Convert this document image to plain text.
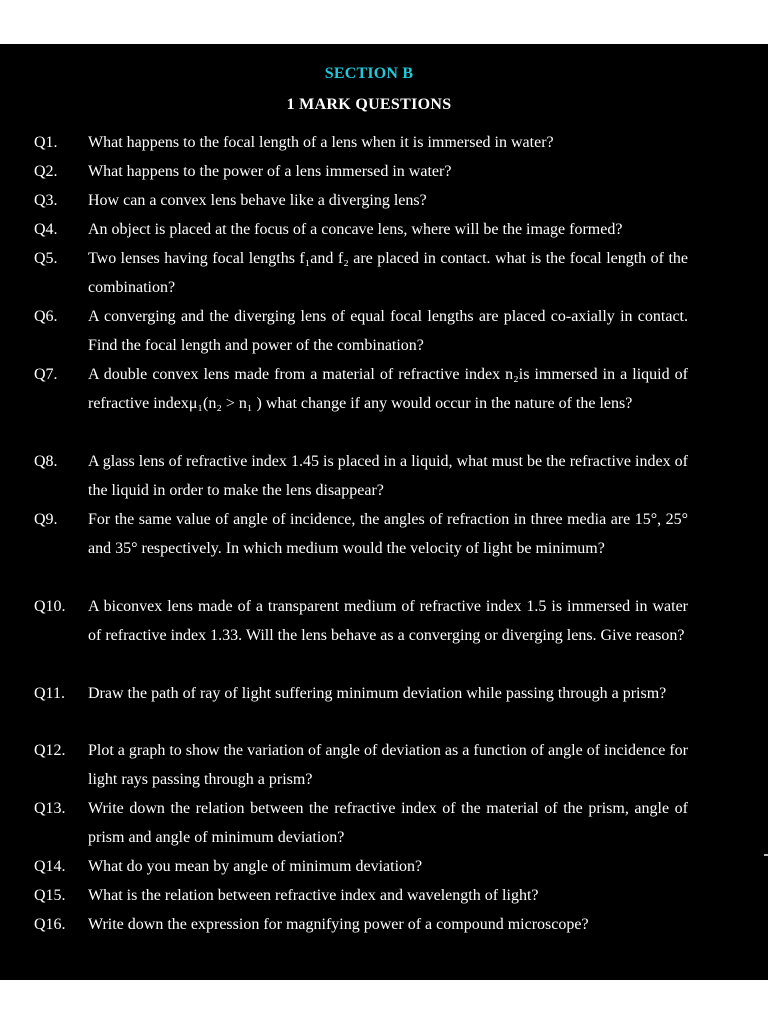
SECTION B
1 MARK QUESTIONS
Q1. What happens to the focal length of a lens when it is immersed in water?
Q2. What happens to the power of a lens immersed in water?
Q3. How can a convex lens behave like a diverging lens?
Q4. An object is placed at the focus of a concave lens, where will be the image formed?
Q5. Two lenses having focal lengths f₁and f₂ are placed in contact. what is the focal length of the combination?
Q6. A converging and the diverging lens of equal focal lengths are placed co-axially in contact. Find the focal length and power of the combination?
Q7. A double convex lens made from a material of refractive index n₂is immersed in a liquid of refractive indexμ₁(n₂ > n₁ ) what change if any would occur in the nature of the lens?
Q8. A glass lens of refractive index 1.45 is placed in a liquid, what must be the refractive index of the liquid in order to make the lens disappear?
Q9. For the same value of angle of incidence, the angles of refraction in three media are 15°, 25° and 35° respectively. In which medium would the velocity of light be minimum?
Q10. A biconvex lens made of a transparent medium of refractive index 1.5 is immersed in water of refractive index 1.33. Will the lens behave as a converging or diverging lens. Give reason?
Q11. Draw the path of ray of light suffering minimum deviation while passing through a prism?
Q12. Plot a graph to show the variation of angle of deviation as a function of angle of incidence for light rays passing through a prism?
Q13. Write down the relation between the refractive index of the material of the prism, angle of prism and angle of minimum deviation?
Q14. What do you mean by angle of minimum deviation?
Q15. What is the relation between refractive index and wavelength of light?
Q16. Write down the expression for magnifying power of a compound microscope?
